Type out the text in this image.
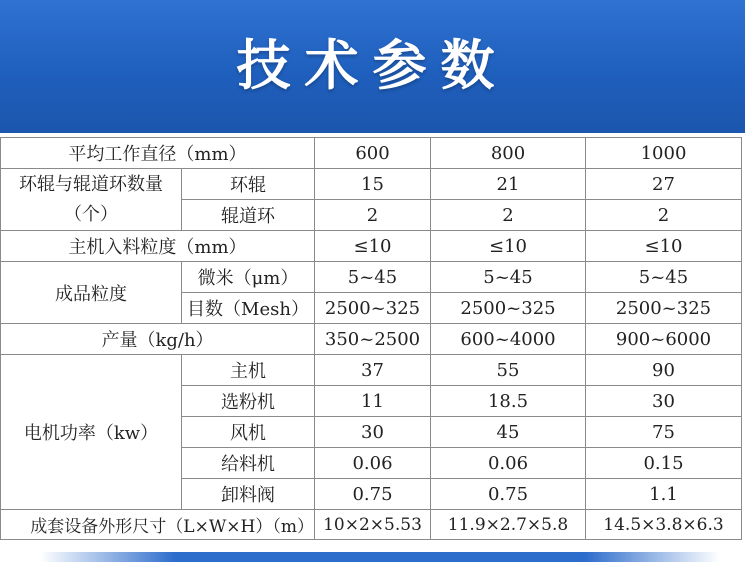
技术参数
平均工作直径（mm）		600	800	1000

环辊与辊道环数量
（个）	环辊	15	21	27
	辊道环	2	2	2
主机入料粒度（mm）		≤10	≤10	≤10
成品粒度	微米（μm）	5~45	5~45	5~45
	目数（Mesh）	2500~325	2500~325	2500~325
产量（kg/h）		350~2500	600~4000	900~6000
电机功率（kw）	主机	37	55	90
	选粉机	11	18.5	30
	风机	30	45	75
	给料机	0.06	0.06	0.15
	卸料阀	0.75	0.75	1.1
成套设备外形尺寸（L×W×H）（m）		10×2×5.53	11.9×2.7×5.8	14.5×3.8×6.3
